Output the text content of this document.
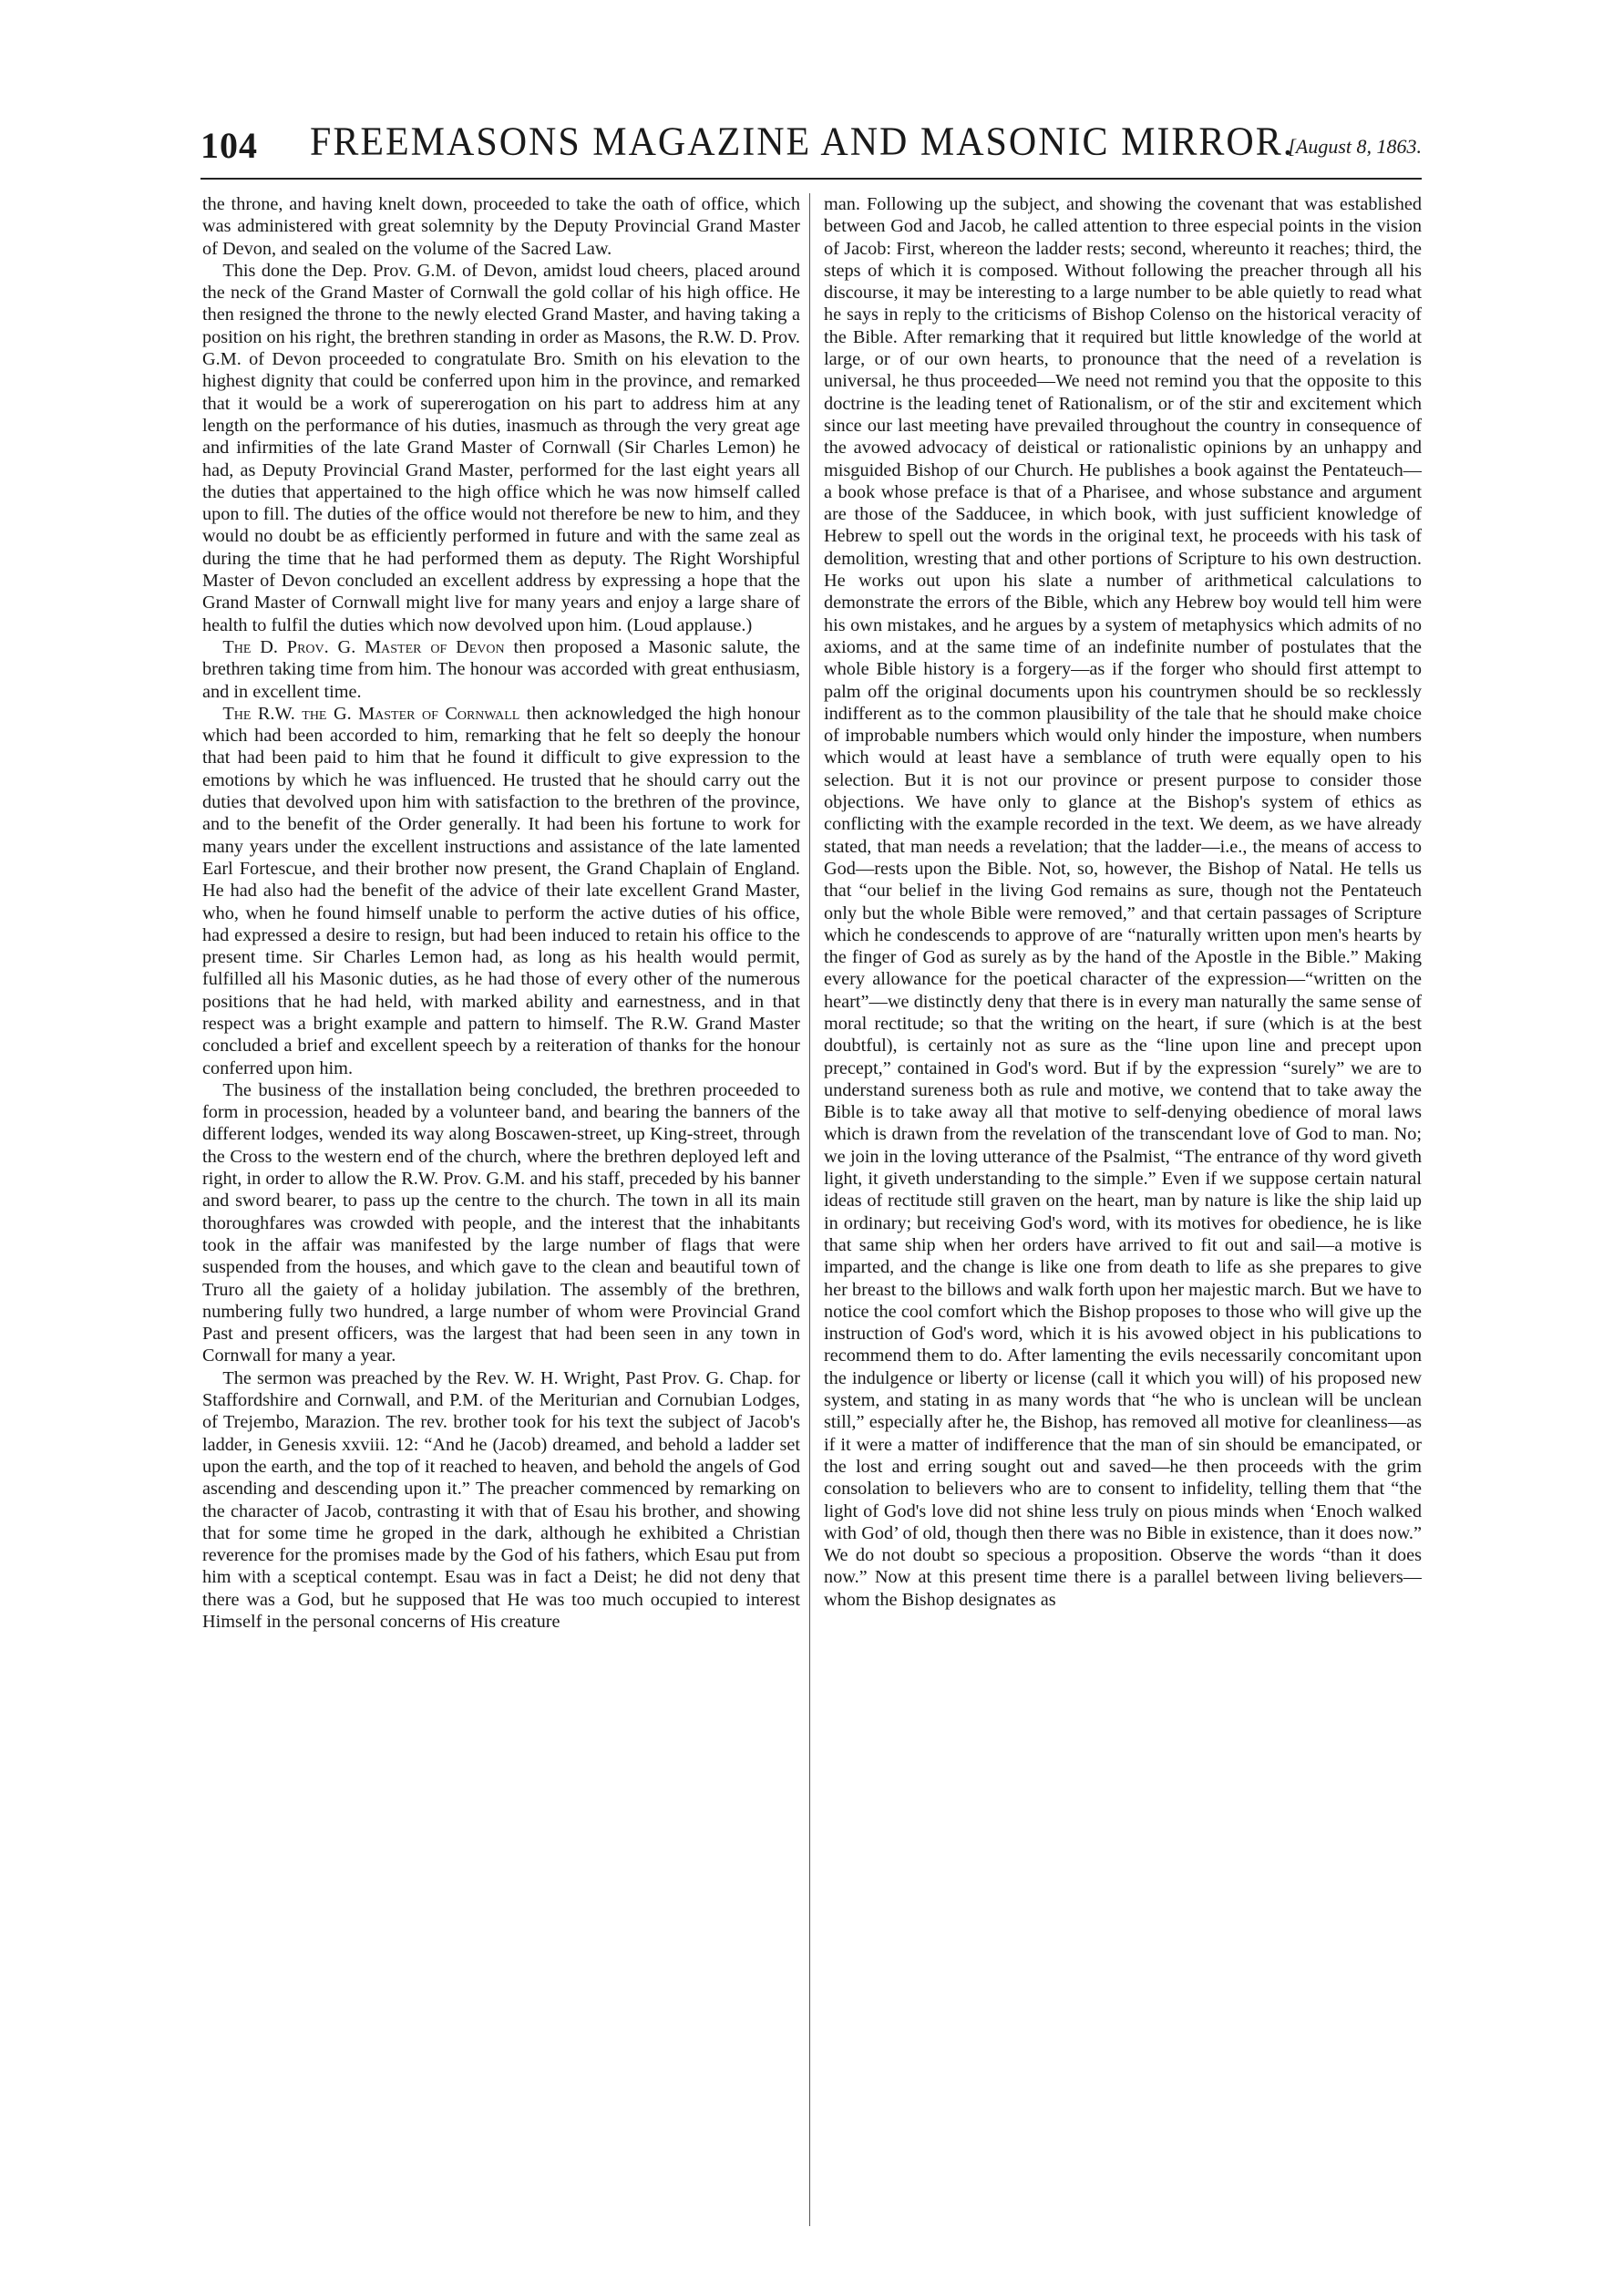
104 FREEMASONS MAGAZINE AND MASONIC MIRROR.
[August 8, 1863.

the throne, and having knelt down, proceeded to take the oath of office, which was administered with great solemnity by the Deputy Provincial Grand Master of Devon, and sealed on the volume of the Sacred Law.

This done the Dep. Prov. G.M. of Devon, amidst loud cheers, placed around the neck of the Grand Master of Cornwall the gold collar of his high office. He then resigned the throne to the newly elected Grand Master, and having taking a position on his right, the brethren standing in order as Masons, the R.W. D. Prov. G.M. of Devon proceeded to congratulate Bro. Smith on his elevation to the highest dignity that could be conferred upon him in the province, and remarked that it would be a work of supererogation on his part to address him at any length on the performance of his duties, inasmuch as through the very great age and infirmities of the late Grand Master of Cornwall (Sir Charles Lemon) he had, as Deputy Provincial Grand Master, performed for the last eight years all the duties that appertained to the high office which he was now himself called upon to fill. The duties of the office would not therefore be new to him, and they would no doubt be as efficiently performed in future and with the same zeal as during the time that he had performed them as deputy. The Right Worshipful Master of Devon concluded an excellent address by expressing a hope that the Grand Master of Cornwall might live for many years and enjoy a large share of health to fulfil the duties which now devolved upon him. (Loud applause.)

The D. Prov. G. Master of Devon then proposed a Masonic salute, the brethren taking time from him. The honour was accorded with great enthusiasm, and in excellent time.

The R.W. the G. Master of Cornwall then acknowledged the high honour which had been accorded to him, remarking that he felt so deeply the honour that had been paid to him that he found it difficult to give expression to the emotions by which he was influenced. He trusted that he should carry out the duties that devolved upon him with satisfaction to the brethren of the province, and to the benefit of the Order generally. It had been his fortune to work for many years under the excellent instructions and assistance of the late lamented Earl Fortescue, and their brother now present, the Grand Chaplain of England. He had also had the benefit of the advice of their late excellent Grand Master, who, when he found himself unable to perform the active duties of his office, had expressed a desire to resign, but had been induced to retain his office to the present time. Sir Charles Lemon had, as long as his health would permit, fulfilled all his Masonic duties, as he had those of every other of the numerous positions that he had held, with marked ability and earnestness, and in that respect was a bright example and pattern to himself. The R.W. Grand Master concluded a brief and excellent speech by a reiteration of thanks for the honour conferred upon him.

The business of the installation being concluded, the brethren proceeded to form in procession, headed by a volunteer band, and bearing the banners of the different lodges, wended its way along Boscawen-street, up King-street, through the Cross to the western end of the church, where the brethren deployed left and right, in order to allow the R.W. Prov. G.M. and his staff, preceded by his banner and sword bearer, to pass up the centre to the church. The town in all its main thoroughfares was crowded with people, and the interest that the inhabitants took in the affair was manifested by the large number of flags that were suspended from the houses, and which gave to the clean and beautiful town of Truro all the gaiety of a holiday jubilation. The assembly of the brethren, numbering fully two hundred, a large number of whom were Provincial Grand Past and present officers, was the largest that had been seen in any town in Cornwall for many a year.

The sermon was preached by the Rev. W. H. Wright, Past Prov. G. Chap. for Staffordshire and Cornwall, and P.M. of the Meriturian and Cornubian Lodges, of Trejembo, Marazion. The rev. brother took for his text the subject of Jacob's ladder, in Genesis xxviii. 12: “And he (Jacob) dreamed, and behold a ladder set upon the earth, and the top of it reached to heaven, and behold the angels of God ascending and descending upon it.” The preacher commenced by remarking on the character of Jacob, contrasting it with that of Esau his brother, and showing that for some time he groped in the dark, although he exhibited a Christian reverence for the promises made by the God of his fathers, which Esau put from him with a sceptical contempt. Esau was in fact a Deist; he did not deny that there was a God, but he supposed that He was too much occupied to interest Himself in the personal concerns of His creature

man. Following up the subject, and showing the covenant that was established between God and Jacob, he called attention to three especial points in the vision of Jacob: First, whereon the ladder rests; second, whereunto it reaches; third, the steps of which it is composed. Without following the preacher through all his discourse, it may be interesting to a large number to be able quietly to read what he says in reply to the criticisms of Bishop Colenso on the historical veracity of the Bible. After remarking that it required but little knowledge of the world at large, or of our own hearts, to pronounce that the need of a revelation is universal, he thus proceeded—We need not remind you that the opposite to this doctrine is the leading tenet of Rationalism, or of the stir and excitement which since our last meeting have prevailed throughout the country in consequence of the avowed advocacy of deistical or rationalistic opinions by an unhappy and misguided Bishop of our Church. He publishes a book against the Pentateuch—a book whose preface is that of a Pharisee, and whose substance and argument are those of the Sadducee, in which book, with just sufficient knowledge of Hebrew to spell out the words in the original text, he proceeds with his task of demolition, wresting that and other portions of Scripture to his own destruction. He works out upon his slate a number of arithmetical calculations to demonstrate the errors of the Bible, which any Hebrew boy would tell him were his own mistakes, and he argues by a system of metaphysics which admits of no axioms, and at the same time of an indefinite number of postulates that the whole Bible history is a forgery—as if the forger who should first attempt to palm off the original documents upon his countrymen should be so recklessly indifferent as to the common plausibility of the tale that he should make choice of improbable numbers which would only hinder the imposture, when numbers which would at least have a semblance of truth were equally open to his selection. But it is not our province or present purpose to consider those objections. We have only to glance at the Bishop's system of ethics as conflicting with the example recorded in the text. We deem, as we have already stated, that man needs a revelation; that the ladder—i.e., the means of access to God—rests upon the Bible. Not, so, however, the Bishop of Natal. He tells us that “our belief in the living God remains as sure, though not the Pentateuch only but the whole Bible were removed,” and that certain passages of Scripture which he condescends to approve of are “naturally written upon men's hearts by the finger of God as surely as by the hand of the Apostle in the Bible.” Making every allowance for the poetical character of the expression—“written on the heart”—we distinctly deny that there is in every man naturally the same sense of moral rectitude; so that the writing on the heart, if sure (which is at the best doubtful), is certainly not as sure as the “line upon line and precept upon precept,” contained in God's word. But if by the expression “surely” we are to understand sureness both as rule and motive, we contend that to take away the Bible is to take away all that motive to self-denying obedience of moral laws which is drawn from the revelation of the transcendant love of God to man. No; we join in the loving utterance of the Psalmist, “The entrance of thy word giveth light, it giveth understanding to the simple.” Even if we suppose certain natural ideas of rectitude still graven on the heart, man by nature is like the ship laid up in ordinary; but receiving God's word, with its motives for obedience, he is like that same ship when her orders have arrived to fit out and sail—a motive is imparted, and the change is like one from death to life as she prepares to give her breast to the billows and walk forth upon her majestic march. But we have to notice the cool comfort which the Bishop proposes to those who will give up the instruction of God's word, which it is his avowed object in his publications to recommend them to do. After lamenting the evils necessarily concomitant upon the indulgence or liberty or license (call it which you will) of his proposed new system, and stating in as many words that “he who is unclean will be unclean still,” especially after he, the Bishop, has removed all motive for cleanliness—as if it were a matter of indifference that the man of sin should be emancipated, or the lost and erring sought out and saved—he then proceeds with the grim consolation to believers who are to consent to infidelity, telling them that “the light of God's love did not shine less truly on pious minds when ‘Enoch walked with God’ of old, though then there was no Bible in existence, than it does now.” We do not doubt so specious a proposition. Observe the words “than it does now.” Now at this present time there is a parallel between living believers—whom the Bishop designates as
